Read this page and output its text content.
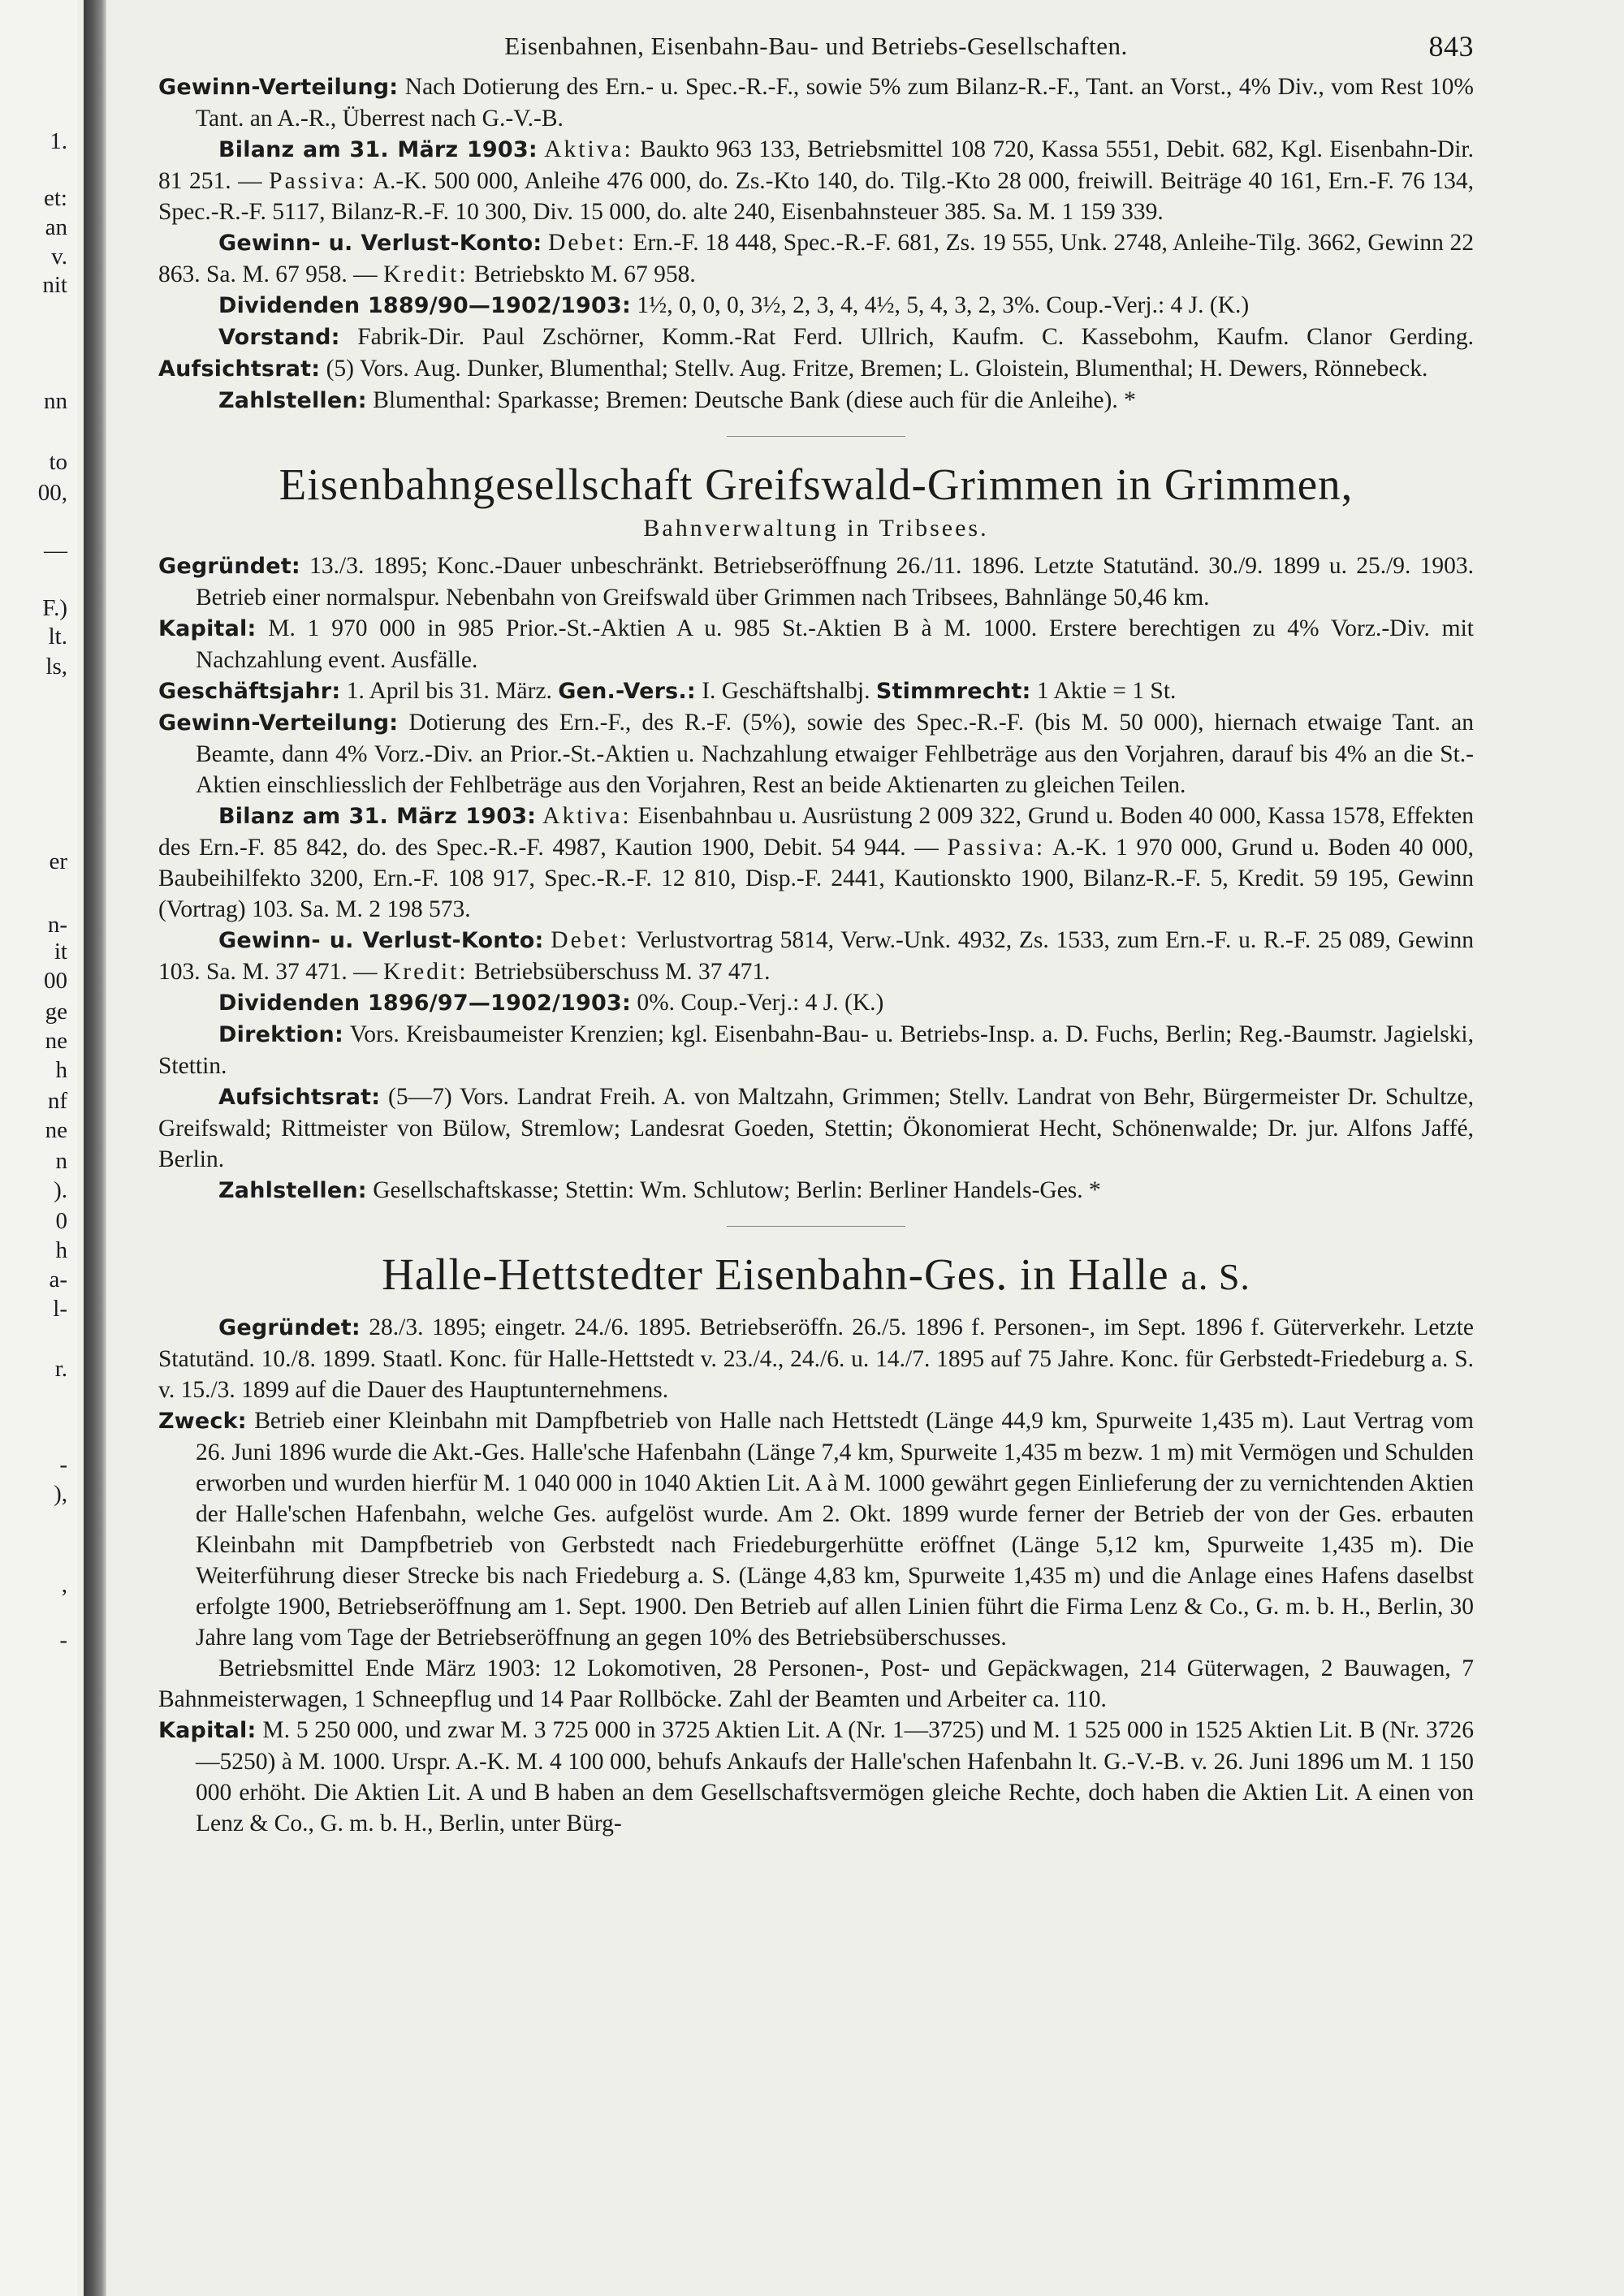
1.
et:
an
v.
nit
nn
to
00,
—
F.)
lt.
ls,
er
n-
it
00
ge
ne
h
nf
ne
n
).
0
h
a-
l-
r.
-
),
,
-
Eisenbahnen, Eisenbahn-Bau- und Betriebs-Gesellschaften.	843

Gewinn-Verteilung: Nach Dotierung des Ern.- u. Spec.-R.-F., sowie 5% zum Bilanz-R.-F., Tant. an Vorst., 4% Div., vom Rest 10% Tant. an A.-R., Überrest nach G.-V.-B.

Bilanz am 31. März 1903: Aktiva: Baukto 963 133, Betriebsmittel 108 720, Kassa 5551, Debit. 682, Kgl. Eisenbahn-Dir. 81 251. — Passiva: A.-K. 500 000, Anleihe 476 000, do. Zs.-Kto 140, do. Tilg.-Kto 28 000, freiwill. Beiträge 40 161, Ern.-F. 76 134, Spec.-R.-F. 5117, Bilanz-R.-F. 10 300, Div. 15 000, do. alte 240, Eisenbahnsteuer 385. Sa. M. 1 159 339.

Gewinn- u. Verlust-Konto: Debet: Ern.-F. 18 448, Spec.-R.-F. 681, Zs. 19 555, Unk. 2748, Anleihe-Tilg. 3662, Gewinn 22 863. Sa. M. 67 958. — Kredit: Betriebskto M. 67 958.

Dividenden 1889/90—1902/1903: 1½, 0, 0, 0, 3½, 2, 3, 4, 4½, 5, 4, 3, 2, 3%. Coup.-Verj.: 4 J. (K.)

Vorstand: Fabrik-Dir. Paul Zschörner, Komm.-Rat Ferd. Ullrich, Kaufm. C. Kassebohm, Kaufm. Clanor Gerding. Aufsichtsrat: (5) Vors. Aug. Dunker, Blumenthal; Stellv. Aug. Fritze, Bremen; L. Gloistein, Blumenthal; H. Dewers, Rönnebeck.

Zahlstellen: Blumenthal: Sparkasse; Bremen: Deutsche Bank (diese auch für die Anleihe). *

Eisenbahngesellschaft Greifswald-Grimmen in Grimmen,
Bahnverwaltung in Tribsees.

Gegründet: 13./3. 1895; Konc.-Dauer unbeschränkt. Betriebseröffnung 26./11. 1896. Letzte Statutänd. 30./9. 1899 u. 25./9. 1903. Betrieb einer normalspur. Nebenbahn von Greifswald über Grimmen nach Tribsees, Bahnlänge 50,46 km.

Kapital: M. 1 970 000 in 985 Prior.-St.-Aktien A u. 985 St.-Aktien B à M. 1000. Erstere berechtigen zu 4% Vorz.-Div. mit Nachzahlung event. Ausfälle.

Geschäftsjahr: 1. April bis 31. März. Gen.-Vers.: I. Geschäftshalbj. Stimmrecht: 1 Aktie = 1 St.

Gewinn-Verteilung: Dotierung des Ern.-F., des R.-F. (5%), sowie des Spec.-R.-F. (bis M. 50 000), hiernach etwaige Tant. an Beamte, dann 4% Vorz.-Div. an Prior.-St.-Aktien u. Nachzahlung etwaiger Fehlbeträge aus den Vorjahren, darauf bis 4% an die St.-Aktien einschliesslich der Fehlbeträge aus den Vorjahren, Rest an beide Aktienarten zu gleichen Teilen.

Bilanz am 31. März 1903: Aktiva: Eisenbahnbau u. Ausrüstung 2 009 322, Grund u. Boden 40 000, Kassa 1578, Effekten des Ern.-F. 85 842, do. des Spec.-R.-F. 4987, Kaution 1900, Debit. 54 944. — Passiva: A.-K. 1 970 000, Grund u. Boden 40 000, Baubeihilfekto 3200, Ern.-F. 108 917, Spec.-R.-F. 12 810, Disp.-F. 2441, Kautionskto 1900, Bilanz-R.-F. 5, Kredit. 59 195, Gewinn (Vortrag) 103. Sa. M. 2 198 573.

Gewinn- u. Verlust-Konto: Debet: Verlustvortrag 5814, Verw.-Unk. 4932, Zs. 1533, zum Ern.-F. u. R.-F. 25 089, Gewinn 103. Sa. M. 37 471. — Kredit: Betriebsüberschuss M. 37 471.

Dividenden 1896/97—1902/1903: 0%. Coup.-Verj.: 4 J. (K.)

Direktion: Vors. Kreisbaumeister Krenzien; kgl. Eisenbahn-Bau- u. Betriebs-Insp. a. D. Fuchs, Berlin; Reg.-Baumstr. Jagielski, Stettin.

Aufsichtsrat: (5—7) Vors. Landrat Freih. A. von Maltzahn, Grimmen; Stellv. Landrat von Behr, Bürgermeister Dr. Schultze, Greifswald; Rittmeister von Bülow, Stremlow; Landesrat Goeden, Stettin; Ökonomierat Hecht, Schönenwalde; Dr. jur. Alfons Jaffé, Berlin.

Zahlstellen: Gesellschaftskasse; Stettin: Wm. Schlutow; Berlin: Berliner Handels-Ges. *

Halle-Hettstedter Eisenbahn-Ges. in Halle a. S.

Gegründet: 28./3. 1895; eingetr. 24./6. 1895. Betriebseröffn. 26./5. 1896 f. Personen-, im Sept. 1896 f. Güterverkehr. Letzte Statutänd. 10./8. 1899. Staatl. Konc. für Halle-Hettstedt v. 23./4., 24./6. u. 14./7. 1895 auf 75 Jahre. Konc. für Gerbstedt-Friedeburg a. S. v. 15./3. 1899 auf die Dauer des Hauptunternehmens.

Zweck: Betrieb einer Kleinbahn mit Dampfbetrieb von Halle nach Hettstedt (Länge 44,9 km, Spurweite 1,435 m). Laut Vertrag vom 26. Juni 1896 wurde die Akt.-Ges. Halle'sche Hafenbahn (Länge 7,4 km, Spurweite 1,435 m bezw. 1 m) mit Vermögen und Schulden erworben und wurden hierfür M. 1 040 000 in 1040 Aktien Lit. A à M. 1000 gewährt gegen Einlieferung der zu vernichtenden Aktien der Halle'schen Hafenbahn, welche Ges. aufgelöst wurde. Am 2. Okt. 1899 wurde ferner der Betrieb der von der Ges. erbauten Kleinbahn mit Dampfbetrieb von Gerbstedt nach Friedeburgerhütte eröffnet (Länge 5,12 km, Spurweite 1,435 m). Die Weiterführung dieser Strecke bis nach Friedeburg a. S. (Länge 4,83 km, Spurweite 1,435 m) und die Anlage eines Hafens daselbst erfolgte 1900, Betriebseröffnung am 1. Sept. 1900. Den Betrieb auf allen Linien führt die Firma Lenz & Co., G. m. b. H., Berlin, 30 Jahre lang vom Tage der Betriebseröffnung an gegen 10% des Betriebsüberschusses.

Betriebsmittel Ende März 1903: 12 Lokomotiven, 28 Personen-, Post- und Gepäckwagen, 214 Güterwagen, 2 Bauwagen, 7 Bahnmeisterwagen, 1 Schneepflug und 14 Paar Rollböcke. Zahl der Beamten und Arbeiter ca. 110.

Kapital: M. 5 250 000, und zwar M. 3 725 000 in 3725 Aktien Lit. A (Nr. 1—3725) und M. 1 525 000 in 1525 Aktien Lit. B (Nr. 3726—5250) à M. 1000. Urspr. A.-K. M. 4 100 000, behufs Ankaufs der Halle'schen Hafenbahn lt. G.-V.-B. v. 26. Juni 1896 um M. 1 150 000 erhöht. Die Aktien Lit. A und B haben an dem Gesellschaftsvermögen gleiche Rechte, doch haben die Aktien Lit. A einen von Lenz & Co., G. m. b. H., Berlin, unter Bürg-
